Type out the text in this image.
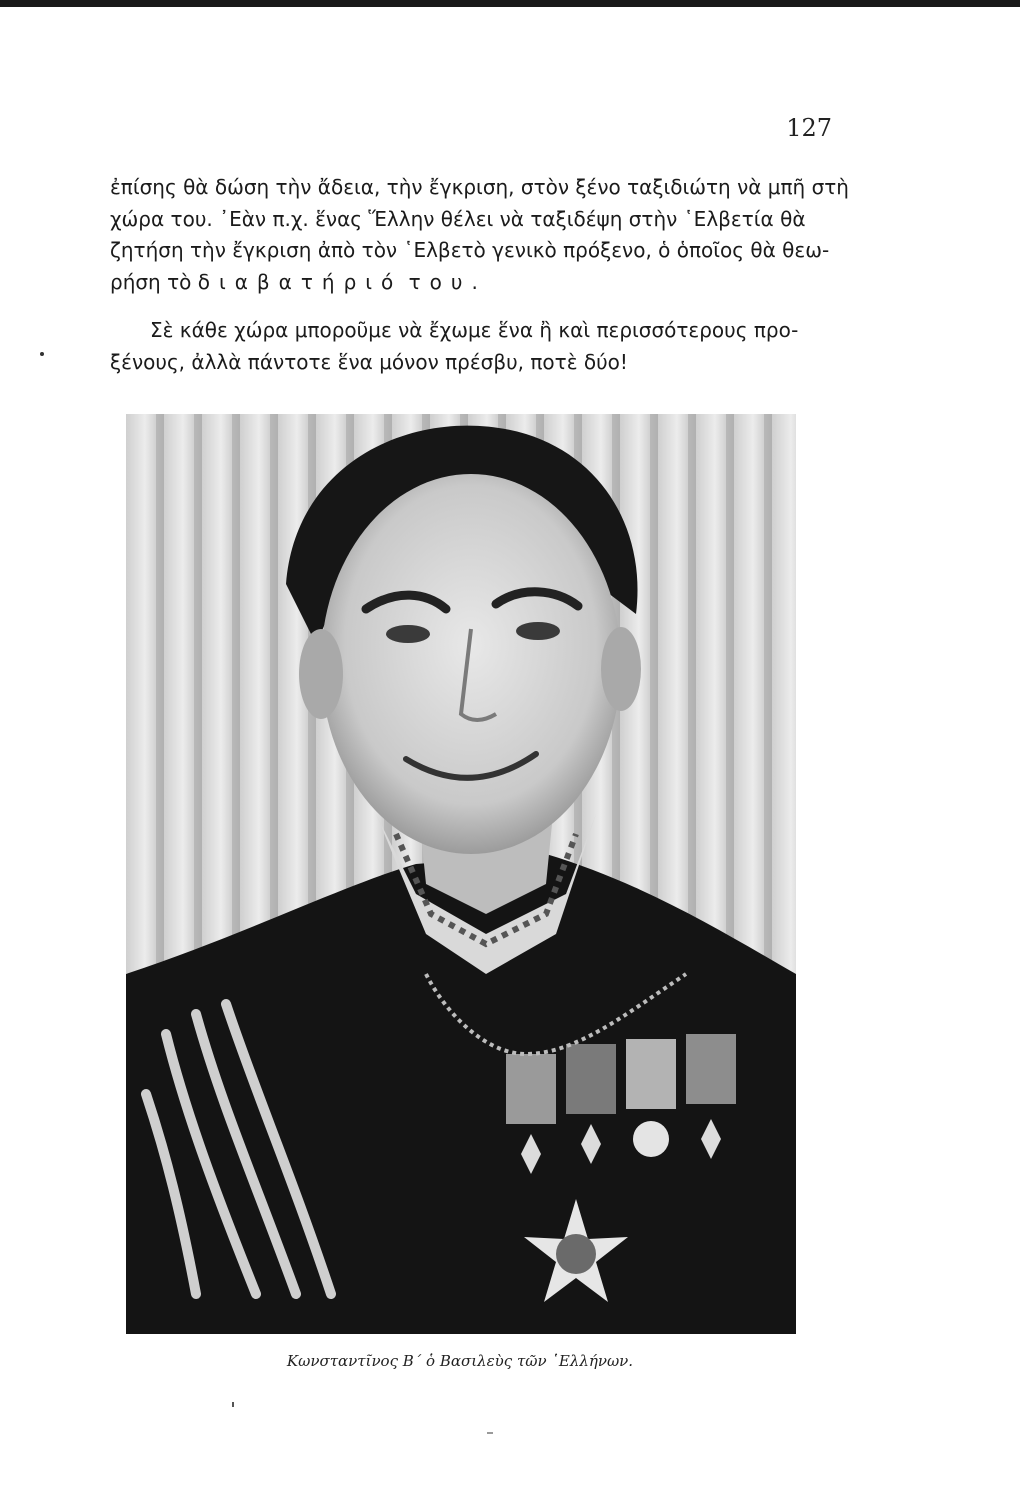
127

ἐπίσης θὰ δώση τὴν ἄδεια, τὴν ἔγκριση, στὸν ξένο ταξιδιώτη νὰ μπῆ στὴ

χώρα του. ᾿Εὰν π.χ. ἕνας Ἕλλην θέλει νὰ ταξιδέψη στὴν ῾Ελβετία θὰ

ζητήση τὴν ἔγκριση ἀπὸ τὸν ῾Ελβετὸ γενικὸ πρόξενο, ὁ ὁποῖος θὰ θεω-

ρήση τὸ διαβατήριό του.

Σὲ κάθε χώρα μποροῦμε νὰ ἔχωμε ἕνα ἢ καὶ περισσότερους πρo-

ξένους, ἀλλὰ πάντοτε ἕνα μόνον πρέσβυ, ποτὲ δύο!

Κωνσταντῖνος Β΄ ὁ Βασιλεὺς τῶν ῾Ελλήνων.
